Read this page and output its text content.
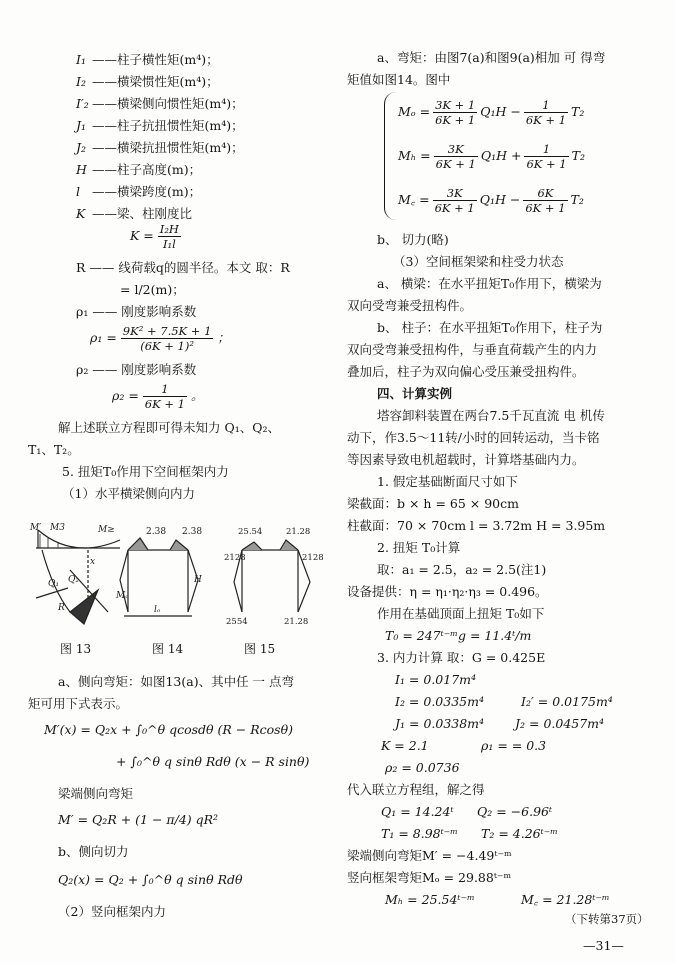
I₁ ——柱子横性矩(m⁴)；
I₂ ——横梁惯性矩(m⁴)；
I′₂ ——横梁侧向惯性矩(m⁴)；
J₁ ——柱子抗扭惯性矩(m⁴)；
J₂ ——横梁抗扭惯性矩(m⁴)；
H ——柱子高度(m)；
l ——横梁跨度(m)；
K ——梁、柱刚度比
$K = \frac{\text{I₂H}}{\text{I₁l}}$
R —— 线荷载q的圆半径。本文 取：R
= l/2(m)；
ρ₁ —— 刚度影响系数
$\rho_1 = \frac{\text{9K² + 7.5K + 1}}{\text{(6K + 1)²}}$ ；
ρ₂ —— 刚度影响系数
$\rho_2 = \frac{1}{6K + 1}$ 。
解上述联立方程即可得未知力 Q₁、Q₂、
T₁、T₂。
5. 扭矩T₀作用下空间框架内力
（1）水平横梁侧向内力
M′ M3	M≥
x
Q₂
R
Q₁
2.38 2.38
H
Mₒ
lₒ
25.54	21.28
2128	2128
2554	21.28
图 13	图 14	图 15
a、侧向弯矩：如图13(a)、其中任 一 点弯
矩可用下式表示。
M′(x) = Q₂x + ∫₀^θ qcosdθ (R − Rcosθ)
+ ∫₀^θ q sinθ Rdθ (x − R sinθ)
梁端侧向弯矩
M′ = Q₂R + (1 − π/4) qR²
b、侧向切力
Q₂(x) = Q₂ + ∫₀^θ q sinθ Rdθ
（2）竖向框架内力
a、弯矩：由图7(a)和图9(a)相加 可 得弯
矩值如图14。图中
$M_o = \frac{3K + 1}{6K + 1} Q_1H - \frac{1}{6K + 1} T_2$
$M_h = \frac{3K}{6K + 1} Q_1H + \frac{1}{6K + 1} T_2$
M꜀ = $\frac{3K}{6K + 1} Q_1H - \frac{6K}{6K + 1} T_2$
b、 切力(略)
（3）空间框架梁和柱受力状态
a、 横梁：在水平扭矩T₀作用下，横梁为
双向受弯兼受扭构件。
b、 柱子：在水平扭矩T₀作用下，柱子为
双向受弯兼受扭构件，与垂直荷载产生的内力
叠加后，柱子为双向偏心受压兼受扭构件。
四、计算实例
塔容卸料装置在两台7.5千瓦直流 电 机传
动下，作3.5～11转/小时的回转运动，当卡铭
等因素导致电机超载时，计算塔基础内力。
1. 假定基础断面尺寸如下
梁截面：b × h = 65 × 90cm
柱截面：70 × 70cm l = 3.72m H = 3.95m
2. 扭矩 T₀计算
取：a₁ = 2.5，a₂ = 2.5(注1)
设备提供：η = η₁·η₂·η₃ = 0.496。
作用在基础顶面上扭矩 T₀如下
T₀ = 247ᵗ⁻ᵐg = 11.4ᵗ/m
3. 内力计算 取：G = 0.425E
I₁ = 0.017m⁴
I₂ = 0.0335m⁴	I₂′ = 0.0175m⁴
J₁ = 0.0338m⁴ J₂ = 0.0457m⁴
K = 2.1	ρ₁ = = 0.3
ρ₂ = 0.0736
代入联立方程组，解之得
Q₁ = 14.24ᵗ Q₂ = −6.96ᵗ
T₁ = 8.98ᵗ⁻ᵐ T₂ = 4.26ᵗ⁻ᵐ
梁端侧向弯矩M′ = −4.49ᵗ⁻ᵐ
竖向框架弯矩Mₒ = 29.88ᵗ⁻ᵐ
Mₕ = 25.54ᵗ⁻ᵐ	M꜀ = 21.28ᵗ⁻ᵐ
（下转第37页）
—31—
